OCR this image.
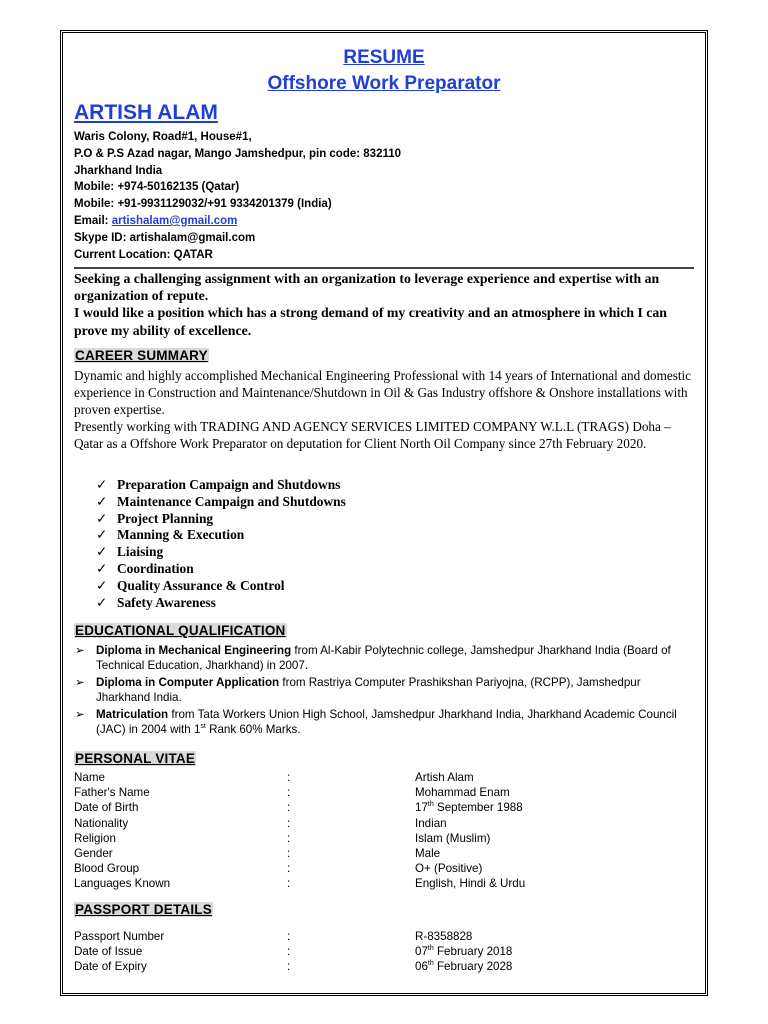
RESUME
Offshore Work Preparator
ARTISH ALAM
Waris Colony, Road#1, House#1,
P.O & P.S Azad nagar, Mango Jamshedpur, pin code: 832110
Jharkhand India
Mobile: +974-50162135 (Qatar)
Mobile: +91-9931129032/+91 9334201379 (India)
Email: artishalam@gmail.com
Skype ID: artishalam@gmail.com
Current Location: QATAR
Seeking a challenging assignment with an organization to leverage experience and expertise with an organization of repute.
I would like a position which has a strong demand of my creativity and an atmosphere in which I can prove my ability of excellence.
CAREER SUMMARY
Dynamic and highly accomplished Mechanical Engineering Professional with 14 years of International and domestic experience in Construction and Maintenance/Shutdown in Oil & Gas Industry offshore & Onshore installations with proven expertise.
Presently working with TRADING AND AGENCY SERVICES LIMITED COMPANY W.L.L (TRAGS) Doha – Qatar as a Offshore Work Preparator on deputation for Client North Oil Company since 27th February 2020.
✓ Preparation Campaign and Shutdowns
✓ Maintenance Campaign and Shutdowns
✓ Project Planning
✓ Manning & Execution
✓ Liaising
✓ Coordination
✓ Quality Assurance & Control
✓ Safety Awareness
EDUCATIONAL QUALIFICATION
➢ Diploma in Mechanical Engineering from Al-Kabir Polytechnic college, Jamshedpur Jharkhand India (Board of Technical Education, Jharkhand) in 2007.
➢ Diploma in Computer Application from Rastriya Computer Prashikshan Pariyojna, (RCPP), Jamshedpur Jharkhand India.
➢ Matriculation from Tata Workers Union High School, Jamshedpur Jharkhand India, Jharkhand Academic Council (JAC) in 2004 with 1st Rank 60% Marks.
PERSONAL VITAE
Name	:	Artish Alam
Father's Name	:	Mohammad Enam
Date of Birth	:	17th September 1988
Nationality	:	Indian
Religion	:	Islam (Muslim)
Gender	:	Male
Blood Group	:	O+ (Positive)
Languages Known	:	English, Hindi & Urdu
PASSPORT DETAILS
Passport Number	:	R-8358828
Date of Issue	:	07th February 2018
Date of Expiry	:	06th February 2028
